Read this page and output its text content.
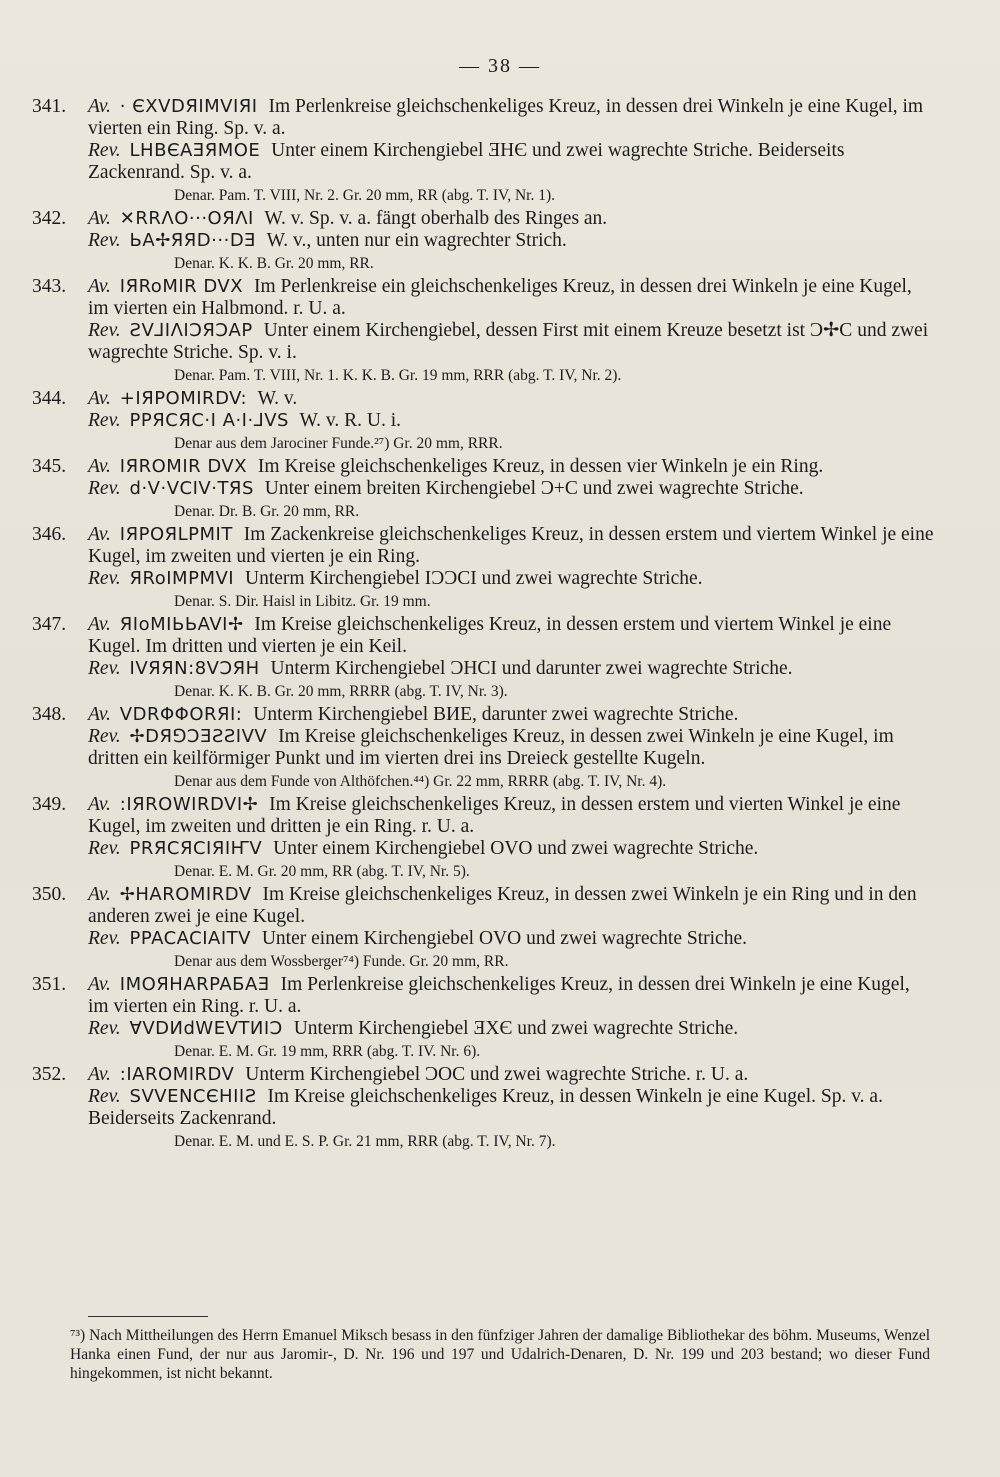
— 38 —
341.	Av. · ЄXVDЯIMVIЯI Im Perlenkreise gleichschenkeliges Kreuz, in dessen drei Winkeln je eine Kugel, im vierten ein Ring. Sp. v. a.
Rev. LHBЄAƎЯMOE Unter einem Kirchengiebel ƎHЄ und zwei wagrechte Striche. Beiderseits Zackenrand. Sp. v. a.
Denar. Pam. T. VIII, Nr. 2. Gr. 20 mm, RR (abg. T. IV, Nr. 1).
342.	Av. ✕RRΛO···OЯΛI W. v. Sp. v. a. fängt oberhalb des Ringes an.
Rev. ЬA✢ЯЯD···DƎ W. v., unten nur ein wagrechter Strich.
Denar. K. K. B. Gr. 20 mm, RR.
343.	Av. IЯRoMIR DVX Im Perlenkreise ein gleichschenkeliges Kreuz, in dessen drei Winkeln je eine Kugel, im vierten ein Halbmond. r. U. a.
Rev. ƧV⅃IΛIƆЯƆAP Unter einem Kirchengiebel, dessen First mit einem Kreuze besetzt ist Ɔ✢C und zwei wagrechte Striche. Sp. v. i.
Denar. Pam. T. VIII, Nr. 1. K. K. B. Gr. 19 mm, RRR (abg. T. IV, Nr. 2).
344.	Av. +IЯPOMIRDV: W. v.
Rev. PPЯCЯC·I A·I·⅃VS W. v. R. U. i.
Denar aus dem Jarociner Funde.²⁷) Gr. 20 mm, RRR.
345.	Av. IЯROMIR DVX Im Kreise gleichschenkeliges Kreuz, in dessen vier Winkeln je ein Ring.
Rev. d·V·VCIV·TЯS Unter einem breiten Kirchengiebel Ɔ+C und zwei wagrechte Striche.
Denar. Dr. B. Gr. 20 mm, RR.
346.	Av. IЯPOЯLPMIT Im Zackenkreise gleichschenkeliges Kreuz, in dessen erstem und viertem Winkel je eine Kugel, im zweiten und vierten je ein Ring.
Rev. ЯRoIMPMVI Unterm Kirchengiebel IƆƆCI und zwei wagrechte Striche.
Denar. S. Dir. Haisl in Libitz. Gr. 19 mm.
347.	Av. ЯIoMIЬЬAVI✢ Im Kreise gleichschenkeliges Kreuz, in dessen erstem und viertem Winkel je eine Kugel. Im dritten und vierten je ein Keil.
Rev. IVЯЯN:8VƆЯH Unterm Kirchengiebel ƆHCI und darunter zwei wagrechte Striche.
Denar. K. K. B. Gr. 20 mm, RRRR (abg. T. IV, Nr. 3).
348.	Av. VDRΦΦORЯI: Unterm Kirchengiebel BИE, darunter zwei wagrechte Striche.
Rev. ✢DЯ⅁ƆƎƧƧIVV Im Kreise gleichschenkeliges Kreuz, in dessen zwei Winkeln je eine Kugel, im dritten ein keilförmiger Punkt und im vierten drei ins Dreieck gestellte Kugeln.
Denar aus dem Funde von Althöfchen.⁴⁴) Gr. 22 mm, RRRR (abg. T. IV, Nr. 4).
349.	Av. :IЯROWIRDVI✢ Im Kreise gleichschenkeliges Kreuz, in dessen erstem und vierten Winkel je eine Kugel, im zweiten und dritten je ein Ring. r. U. a.
Rev. PRЯCЯCIЯIҤV Unter einem Kirchengiebel OVO und zwei wagrechte Striche.
Denar. E. M. Gr. 20 mm, RR (abg. T. IV, Nr. 5).
350.	Av. ✢HAROMIRDV Im Kreise gleichschenkeliges Kreuz, in dessen zwei Winkeln je ein Ring und in den anderen zwei je eine Kugel.
Rev. PPACACIAITV Unter einem Kirchengiebel OVO und zwei wagrechte Striche.
Denar aus dem Wossberger⁷⁴) Funde. Gr. 20 mm, RR.
351.	Av. IMOЯHARPAБAƎ Im Perlenkreise gleichschenkeliges Kreuz, in dessen drei Winkeln je eine Kugel, im vierten ein Ring. r. U. a.
Rev. ⱯVDИdWEVTИIƆ Unterm Kirchengiebel ƎXЄ und zwei wagrechte Striche.
Denar. E. M. Gr. 19 mm, RRR (abg. T. IV. Nr. 6).
352.	Av. :IAROMIRDV Unterm Kirchengiebel ƆOC und zwei wagrechte Striche. r. U. a.
Rev. SVVENCЄHIIƧ Im Kreise gleichschenkeliges Kreuz, in dessen Winkeln je eine Kugel. Sp. v. a. Beiderseits Zackenrand.
Denar. E. M. und E. S. P. Gr. 21 mm, RRR (abg. T. IV, Nr. 7).
⁷³) Nach Mittheilungen des Herrn Emanuel Miksch besass in den fünfziger Jahren der damalige Bibliothekar des böhm. Museums, Wenzel Hanka einen Fund, der nur aus Jaromir-, D. Nr. 196 und 197 und Udalrich-Denaren, D. Nr. 199 und 203 bestand; wo dieser Fund hingekommen, ist nicht bekannt.
